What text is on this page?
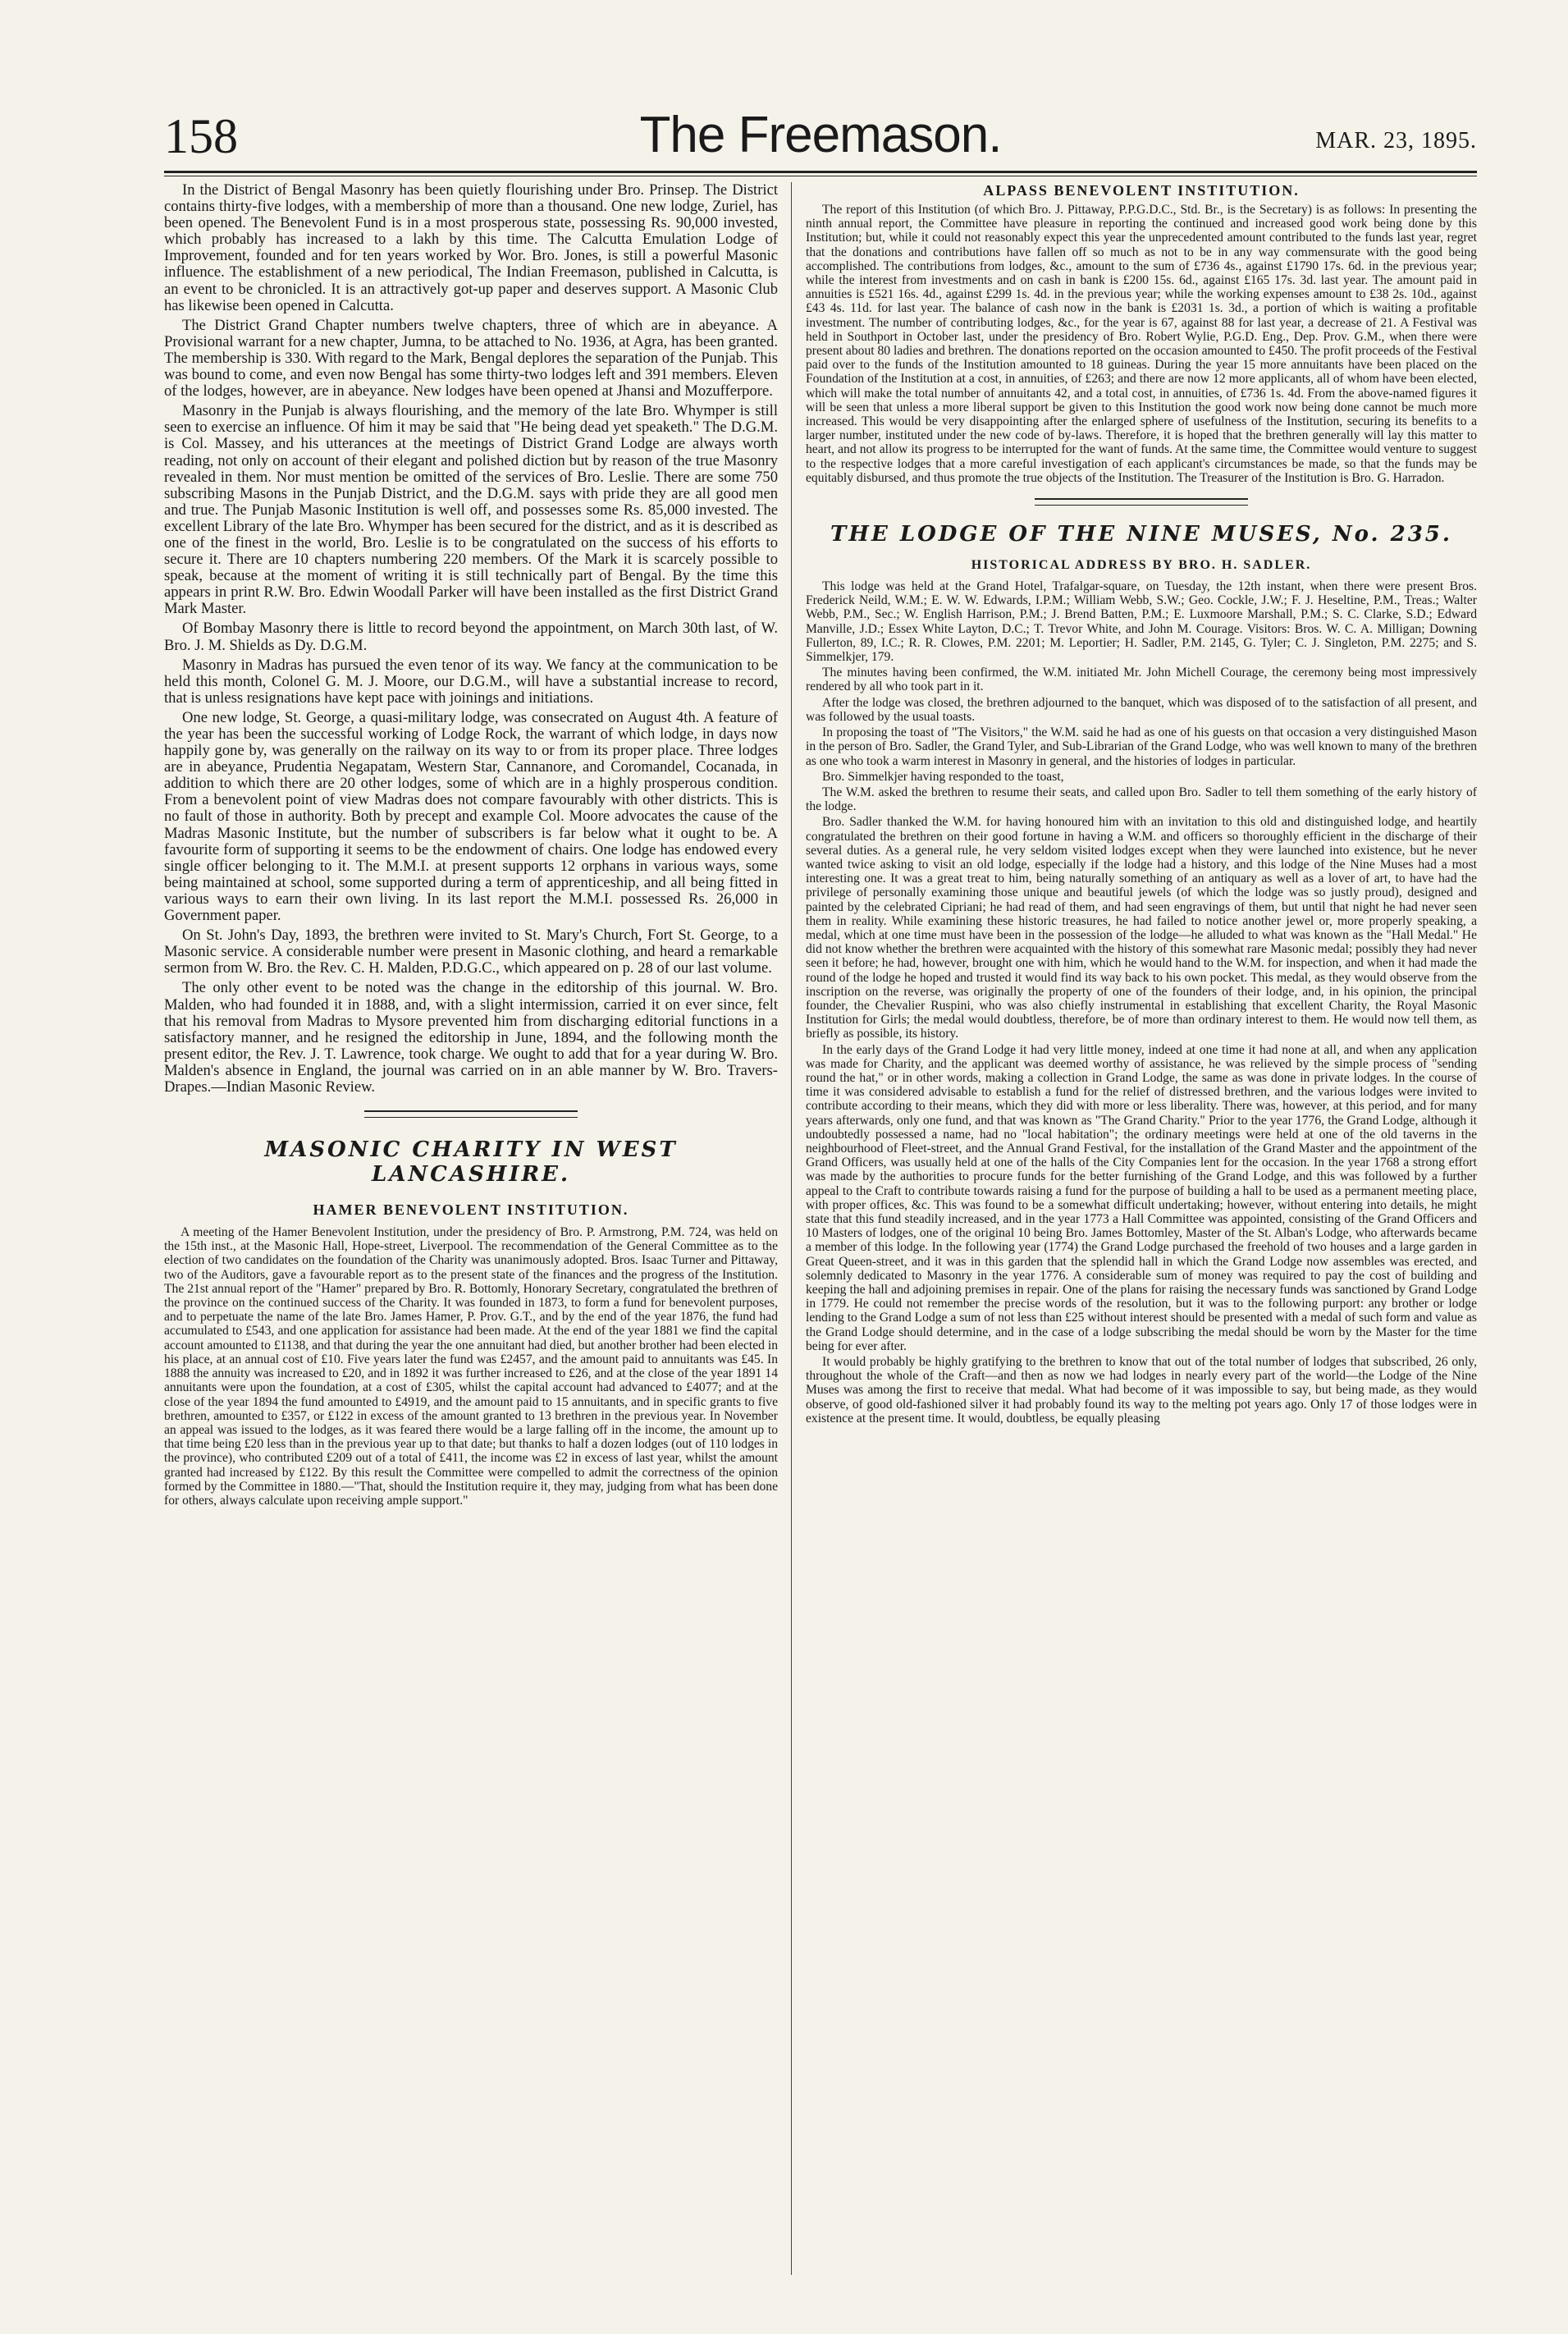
158	The Freemason.	MAR. 23, 1895.

In the District of Bengal Masonry has been quietly flourishing under Bro. Prinsep. The District contains thirty-five lodges, with a membership of more than a thousand. One new lodge, Zuriel, has been opened. The Benevolent Fund is in a most prosperous state, possessing Rs. 90,000 invested, which probably has increased to a lakh by this time. The Calcutta Emulation Lodge of Improvement, founded and for ten years worked by Wor. Bro. Jones, is still a powerful Masonic influence. The establishment of a new periodical, The Indian Freemason, published in Calcutta, is an event to be chronicled. It is an attractively got-up paper and deserves support. A Masonic Club has likewise been opened in Calcutta.

The District Grand Chapter numbers twelve chapters, three of which are in abeyance. A Provisional warrant for a new chapter, Jumna, to be attached to No. 1936, at Agra, has been granted. The membership is 330. With regard to the Mark, Bengal deplores the separation of the Punjab. This was bound to come, and even now Bengal has some thirty-two lodges left and 391 members. Eleven of the lodges, however, are in abeyance. New lodges have been opened at Jhansi and Mozufferpore.

Masonry in the Punjab is always flourishing, and the memory of the late Bro. Whymper is still seen to exercise an influence. Of him it may be said that "He being dead yet speaketh." The D.G.M. is Col. Massey, and his utterances at the meetings of District Grand Lodge are always worth reading, not only on account of their elegant and polished diction but by reason of the true Masonry revealed in them. Nor must mention be omitted of the services of Bro. Leslie. There are some 750 subscribing Masons in the Punjab District, and the D.G.M. says with pride they are all good men and true. The Punjab Masonic Institution is well off, and possesses some Rs. 85,000 invested. The excellent Library of the late Bro. Whymper has been secured for the district, and as it is described as one of the finest in the world, Bro. Leslie is to be congratulated on the success of his efforts to secure it. There are 10 chapters numbering 220 members. Of the Mark it is scarcely possible to speak, because at the moment of writing it is still technically part of Bengal. By the time this appears in print R.W. Bro. Edwin Woodall Parker will have been installed as the first District Grand Mark Master.

Of Bombay Masonry there is little to record beyond the appointment, on March 30th last, of W. Bro. J. M. Shields as Dy. D.G.M.

Masonry in Madras has pursued the even tenor of its way. We fancy at the communication to be held this month, Colonel G. M. J. Moore, our D.G.M., will have a substantial increase to record, that is unless resignations have kept pace with joinings and initiations.

One new lodge, St. George, a quasi-military lodge, was consecrated on August 4th. A feature of the year has been the successful working of Lodge Rock, the warrant of which lodge, in days now happily gone by, was generally on the railway on its way to or from its proper place. Three lodges are in abeyance, Prudentia Negapatam, Western Star, Cannanore, and Coromandel, Cocanada, in addition to which there are 20 other lodges, some of which are in a highly prosperous condition. From a benevolent point of view Madras does not compare favourably with other districts. This is no fault of those in authority. Both by precept and example Col. Moore advocates the cause of the Madras Masonic Institute, but the number of subscribers is far below what it ought to be. A favourite form of supporting it seems to be the endowment of chairs. One lodge has endowed every single officer belonging to it. The M.M.I. at present supports 12 orphans in various ways, some being maintained at school, some supported during a term of apprenticeship, and all being fitted in various ways to earn their own living. In its last report the M.M.I. possessed Rs. 26,000 in Government paper.

On St. John's Day, 1893, the brethren were invited to St. Mary's Church, Fort St. George, to a Masonic service. A considerable number were present in Masonic clothing, and heard a remarkable sermon from W. Bro. the Rev. C. H. Malden, P.D.G.C., which appeared on p. 28 of our last volume.

The only other event to be noted was the change in the editorship of this journal. W. Bro. Malden, who had founded it in 1888, and, with a slight intermission, carried it on ever since, felt that his removal from Madras to Mysore prevented him from discharging editorial functions in a satisfactory manner, and he resigned the editorship in June, 1894, and the following month the present editor, the Rev. J. T. Lawrence, took charge. We ought to add that for a year during W. Bro. Malden's absence in England, the journal was carried on in an able manner by W. Bro. Travers-Drapes.—Indian Masonic Review.

MASONIC CHARITY IN WEST LANCASHIRE.
HAMER BENEVOLENT INSTITUTION.

A meeting of the Hamer Benevolent Institution, under the presidency of Bro. P. Armstrong, P.M. 724, was held on the 15th inst., at the Masonic Hall, Hope-street, Liverpool. The recommendation of the General Committee as to the election of two candidates on the foundation of the Charity was unanimously adopted. Bros. Isaac Turner and Pittaway, two of the Auditors, gave a favourable report as to the present state of the finances and the progress of the Institution. The 21st annual report of the "Hamer" prepared by Bro. R. Bottomly, Honorary Secretary, congratulated the brethren of the province on the continued success of the Charity. It was founded in 1873, to form a fund for benevolent purposes, and to perpetuate the name of the late Bro. James Hamer, P. Prov. G.T., and by the end of the year 1876, the fund had accumulated to £543, and one application for assistance had been made. At the end of the year 1881 we find the capital account amounted to £1138, and that during the year the one annuitant had died, but another brother had been elected in his place, at an annual cost of £10. Five years later the fund was £2457, and the amount paid to annuitants was £45. In 1888 the annuity was increased to £20, and in 1892 it was further increased to £26, and at the close of the year 1891 14 annuitants were upon the foundation, at a cost of £305, whilst the capital account had advanced to £4077; and at the close of the year 1894 the fund amounted to £4919, and the amount paid to 15 annuitants, and in specific grants to five brethren, amounted to £357, or £122 in excess of the amount granted to 13 brethren in the previous year. In November an appeal was issued to the lodges, as it was feared there would be a large falling off in the income, the amount up to that time being £20 less than in the previous year up to that date; but thanks to half a dozen lodges (out of 110 lodges in the province), who contributed £209 out of a total of £411, the income was £2 in excess of last year, whilst the amount granted had increased by £122. By this result the Committee were compelled to admit the correctness of the opinion formed by the Committee in 1880.—"That, should the Institution require it, they may, judging from what has been done for others, always calculate upon receiving ample support."

ALPASS BENEVOLENT INSTITUTION.

The report of this Institution (of which Bro. J. Pittaway, P.P.G.D.C., Std. Br., is the Secretary) is as follows: In presenting the ninth annual report, the Committee have pleasure in reporting the continued and increased good work being done by this Institution; but, while it could not reasonably expect this year the unprecedented amount contributed to the funds last year, regret that the donations and contributions have fallen off so much as not to be in any way commensurate with the good being accomplished. The contributions from lodges, &c., amount to the sum of £736 4s., against £1790 17s. 6d. in the previous year; while the interest from investments and on cash in bank is £200 15s. 6d., against £165 17s. 3d. last year. The amount paid in annuities is £521 16s. 4d., against £299 1s. 4d. in the previous year; while the working expenses amount to £38 2s. 10d., against £43 4s. 11d. for last year. The balance of cash now in the bank is £2031 1s. 3d., a portion of which is waiting a profitable investment. The number of contributing lodges, &c., for the year is 67, against 88 for last year, a decrease of 21. A Festival was held in Southport in October last, under the presidency of Bro. Robert Wylie, P.G.D. Eng., Dep. Prov. G.M., when there were present about 80 ladies and brethren. The donations reported on the occasion amounted to £450. The profit proceeds of the Festival paid over to the funds of the Institution amounted to 18 guineas. During the year 15 more annuitants have been placed on the Foundation of the Institution at a cost, in annuities, of £263; and there are now 12 more applicants, all of whom have been elected, which will make the total number of annuitants 42, and a total cost, in annuities, of £736 1s. 4d. From the above-named figures it will be seen that unless a more liberal support be given to this Institution the good work now being done cannot be much more increased. This would be very disappointing after the enlarged sphere of usefulness of the Institution, securing its benefits to a larger number, instituted under the new code of by-laws. Therefore, it is hoped that the brethren generally will lay this matter to heart, and not allow its progress to be interrupted for the want of funds. At the same time, the Committee would venture to suggest to the respective lodges that a more careful investigation of each applicant's circumstances be made, so that the funds may be equitably disbursed, and thus promote the true objects of the Institution. The Treasurer of the Institution is Bro. G. Harradon.

THE LODGE OF THE NINE MUSES, No. 235.
HISTORICAL ADDRESS BY BRO. H. SADLER.

This lodge was held at the Grand Hotel, Trafalgar-square, on Tuesday, the 12th instant, when there were present Bros. Frederick Neild, W.M.; E. W. W. Edwards, I.P.M.; William Webb, S.W.; Geo. Cockle, J.W.; F. J. Heseltine, P.M., Treas.; Walter Webb, P.M., Sec.; W. English Harrison, P.M.; J. Brend Batten, P.M.; E. Luxmoore Marshall, P.M.; S. C. Clarke, S.D.; Edward Manville, J.D.; Essex White Layton, D.C.; T. Trevor White, and John M. Courage. Visitors: Bros. W. C. A. Milligan; Downing Fullerton, 89, I.C.; R. R. Clowes, P.M. 2201; M. Leportier; H. Sadler, P.M. 2145, G. Tyler; C. J. Singleton, P.M. 2275; and S. Simmelkjer, 179.

The minutes having been confirmed, the W.M. initiated Mr. John Michell Courage, the ceremony being most impressively rendered by all who took part in it.

After the lodge was closed, the brethren adjourned to the banquet, which was disposed of to the satisfaction of all present, and was followed by the usual toasts.

In proposing the toast of "The Visitors," the W.M. said he had as one of his guests on that occasion a very distinguished Mason in the person of Bro. Sadler, the Grand Tyler, and Sub-Librarian of the Grand Lodge, who was well known to many of the brethren as one who took a warm interest in Masonry in general, and the histories of lodges in particular.

Bro. Simmelkjer having responded to the toast,

The W.M. asked the brethren to resume their seats, and called upon Bro. Sadler to tell them something of the early history of the lodge.

Bro. Sadler thanked the W.M. for having honoured him with an invitation to this old and distinguished lodge, and heartily congratulated the brethren on their good fortune in having a W.M. and officers so thoroughly efficient in the discharge of their several duties. As a general rule, he very seldom visited lodges except when they were launched into existence, but he never wanted twice asking to visit an old lodge, especially if the lodge had a history, and this lodge of the Nine Muses had a most interesting one. It was a great treat to him, being naturally something of an antiquary as well as a lover of art, to have had the privilege of personally examining those unique and beautiful jewels (of which the lodge was so justly proud), designed and painted by the celebrated Cipriani; he had read of them, and had seen engravings of them, but until that night he had never seen them in reality. While examining these historic treasures, he had failed to notice another jewel or, more properly speaking, a medal, which at one time must have been in the possession of the lodge—he alluded to what was known as the "Hall Medal." He did not know whether the brethren were acquainted with the history of this somewhat rare Masonic medal; possibly they had never seen it before; he had, however, brought one with him, which he would hand to the W.M. for inspection, and when it had made the round of the lodge he hoped and trusted it would find its way back to his own pocket. This medal, as they would observe from the inscription on the reverse, was originally the property of one of the founders of their lodge, and, in his opinion, the principal founder, the Chevalier Ruspini, who was also chiefly instrumental in establishing that excellent Charity, the Royal Masonic Institution for Girls; the medal would doubtless, therefore, be of more than ordinary interest to them. He would now tell them, as briefly as possible, its history.

In the early days of the Grand Lodge it had very little money, indeed at one time it had none at all, and when any application was made for Charity, and the applicant was deemed worthy of assistance, he was relieved by the simple process of "sending round the hat," or in other words, making a collection in Grand Lodge, the same as was done in private lodges. In the course of time it was considered advisable to establish a fund for the relief of distressed brethren, and the various lodges were invited to contribute according to their means, which they did with more or less liberality. There was, however, at this period, and for many years afterwards, only one fund, and that was known as "The Grand Charity." Prior to the year 1776, the Grand Lodge, although it undoubtedly possessed a name, had no "local habitation"; the ordinary meetings were held at one of the old taverns in the neighbourhood of Fleet-street, and the Annual Grand Festival, for the installation of the Grand Master and the appointment of the Grand Officers, was usually held at one of the halls of the City Companies lent for the occasion. In the year 1768 a strong effort was made by the authorities to procure funds for the better furnishing of the Grand Lodge, and this was followed by a further appeal to the Craft to contribute towards raising a fund for the purpose of building a hall to be used as a permanent meeting place, with proper offices, &c. This was found to be a somewhat difficult undertaking; however, without entering into details, he might state that this fund steadily increased, and in the year 1773 a Hall Committee was appointed, consisting of the Grand Officers and 10 Masters of lodges, one of the original 10 being Bro. James Bottomley, Master of the St. Alban's Lodge, who afterwards became a member of this lodge. In the following year (1774) the Grand Lodge purchased the freehold of two houses and a large garden in Great Queen-street, and it was in this garden that the splendid hall in which the Grand Lodge now assembles was erected, and solemnly dedicated to Masonry in the year 1776. A considerable sum of money was required to pay the cost of building and keeping the hall and adjoining premises in repair. One of the plans for raising the necessary funds was sanctioned by Grand Lodge in 1779. He could not remember the precise words of the resolution, but it was to the following purport: any brother or lodge lending to the Grand Lodge a sum of not less than £25 without interest should be presented with a medal of such form and value as the Grand Lodge should determine, and in the case of a lodge subscribing the medal should be worn by the Master for the time being for ever after.

It would probably be highly gratifying to the brethren to know that out of the total number of lodges that subscribed, 26 only, throughout the whole of the Craft—and then as now we had lodges in nearly every part of the world—the Lodge of the Nine Muses was among the first to receive that medal. What had become of it was impossible to say, but being made, as they would observe, of good old-fashioned silver it had probably found its way to the melting pot years ago. Only 17 of those lodges were in existence at the present time. It would, doubtless, be equally pleasing
